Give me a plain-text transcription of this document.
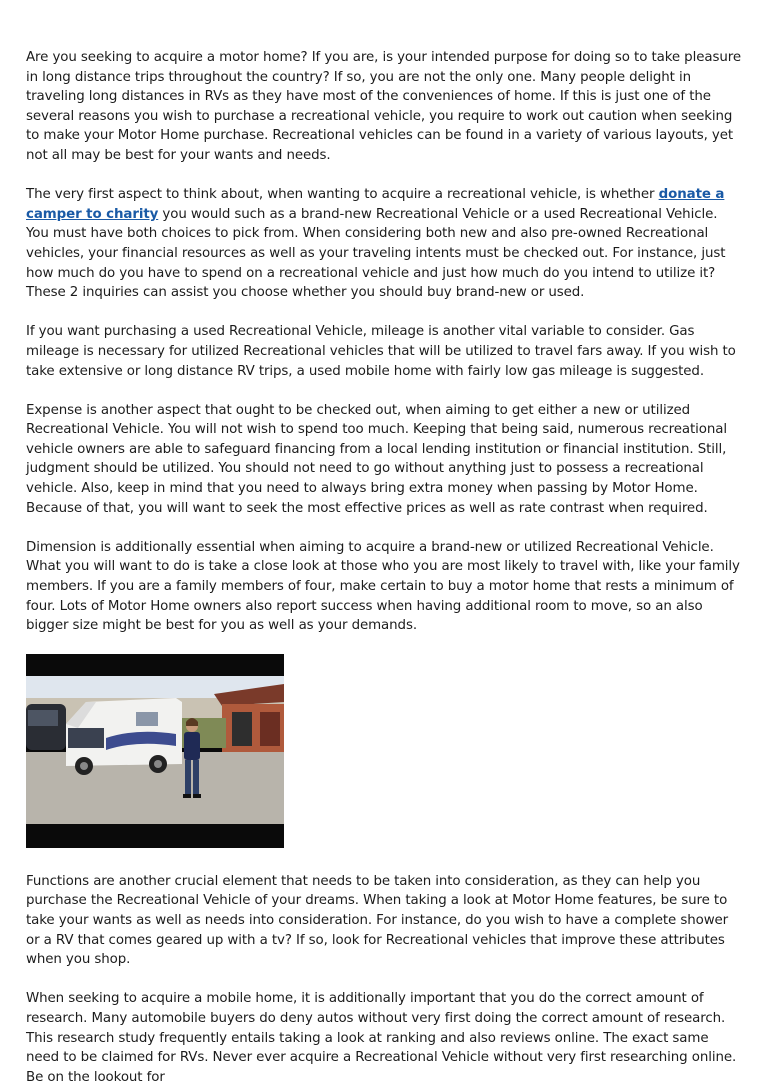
Are you seeking to acquire a motor home? If you are, is your intended purpose for doing so to take pleasure in long distance trips throughout the country? If so, you are not the only one. Many people delight in traveling long distances in RVs as they have most of the conveniences of home. If this is just one of the several reasons you wish to purchase a recreational vehicle, you require to work out caution when seeking to make your Motor Home purchase. Recreational vehicles can be found in a variety of various layouts, yet not all may be best for your wants and needs.

The very first aspect to think about, when wanting to acquire a recreational vehicle, is whether donate a camper to charity you would such as a brand-new Recreational Vehicle or a used Recreational Vehicle. You must have both choices to pick from. When considering both new and also pre-owned Recreational vehicles, your financial resources as well as your traveling intents must be checked out. For instance, just how much do you have to spend on a recreational vehicle and just how much do you intend to utilize it? These 2 inquiries can assist you choose whether you should buy brand-new or used.

If you want purchasing a used Recreational Vehicle, mileage is another vital variable to consider. Gas mileage is necessary for utilized Recreational vehicles that will be utilized to travel fars away. If you wish to take extensive or long distance RV trips, a used mobile home with fairly low gas mileage is suggested.

Expense is another aspect that ought to be checked out, when aiming to get either a new or utilized Recreational Vehicle. You will not wish to spend too much. Keeping that being said, numerous recreational vehicle owners are able to safeguard financing from a local lending institution or financial institution. Still, judgment should be utilized. You should not need to go without anything just to possess a recreational vehicle. Also, keep in mind that you need to always bring extra money when passing by Motor Home. Because of that, you will want to seek the most effective prices as well as rate contrast when required.

Dimension is additionally essential when aiming to acquire a brand-new or utilized Recreational Vehicle. What you will want to do is take a close look at those who you are most likely to travel with, like your family members. If you are a family members of four, make certain to buy a motor home that rests a minimum of four. Lots of Motor Home owners also report success when having additional room to move, so an also bigger size might be best for you as well as your demands.

Functions are another crucial element that needs to be taken into consideration, as they can help you purchase the Recreational Vehicle of your dreams. When taking a look at Motor Home features, be sure to take your wants as well as needs into consideration. For instance, do you wish to have a complete shower or a RV that comes geared up with a tv? If so, look for Recreational vehicles that improve these attributes when you shop.

When seeking to acquire a mobile home, it is additionally important that you do the correct amount of research. Many automobile buyers do deny autos without very first doing the correct amount of research. This research study frequently entails taking a look at ranking and also reviews online. The exact same need to be claimed for RVs. Never ever acquire a Recreational Vehicle without very first researching online. Be on the lookout for
